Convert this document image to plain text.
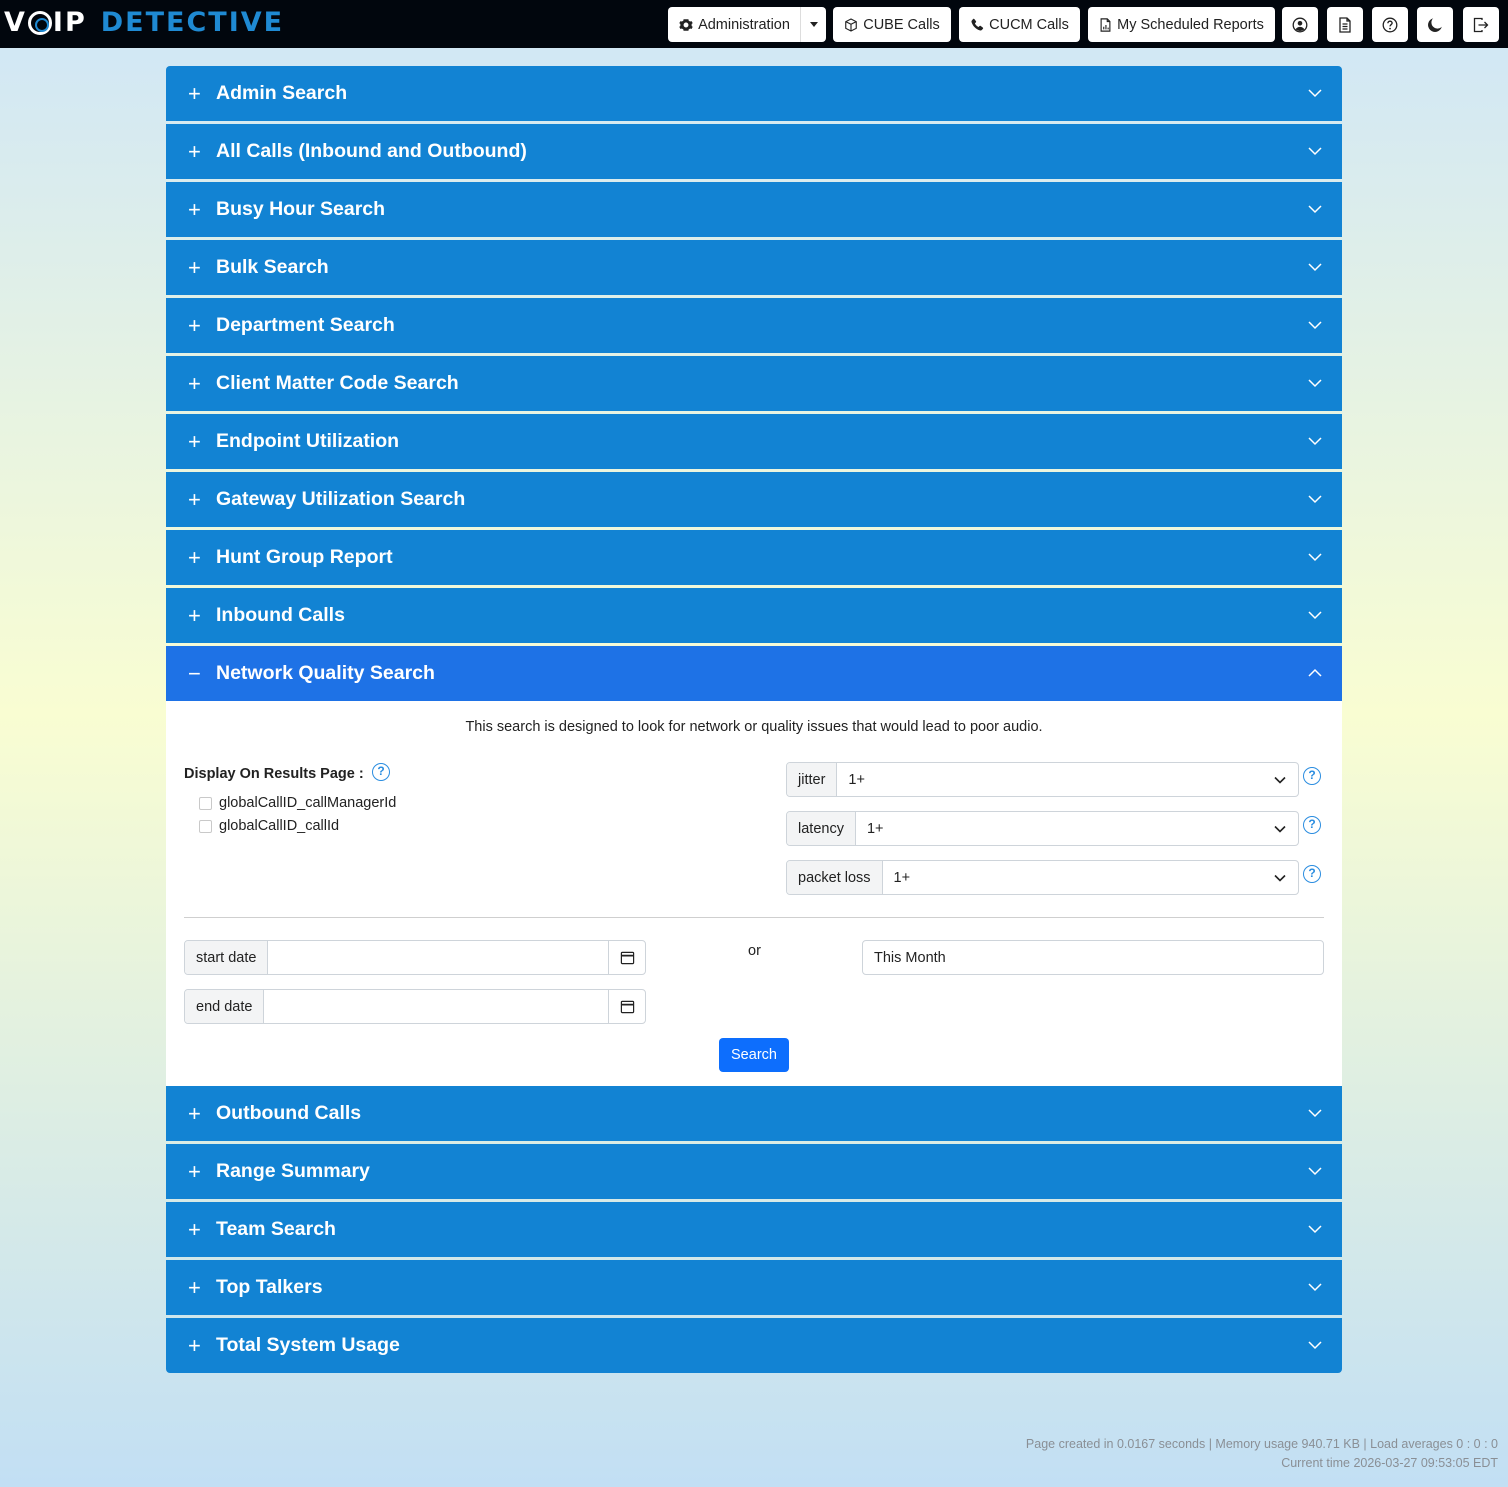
V IP DETECTIVE	Administration	CUBE Calls	CUCM Calls	My Scheduled Reports
+ Admin Search
+ All Calls (Inbound and Outbound)
+ Busy Hour Search
+ Bulk Search
+ Department Search
+ Client Matter Code Search
+ Endpoint Utilization
+ Gateway Utilization Search
+ Hunt Group Report
+ Inbound Calls
− Network Quality Search
This search is designed to look for network or quality issues that would lead to poor audio.
Display On Results Page :	?
globalCallID_callManagerId
globalCallID_callId
jitter	1+	?
latency	1+	?
packet loss	1+	?
start date
end date
or	This Month
Search
+ Outbound Calls
+ Range Summary
+ Team Search
+ Top Talkers
+ Total System Usage
Page created in 0.0167 seconds | Memory usage 940.71 KB | Load averages 0 : 0 : 0
Current time 2026-03-27 09:53:05 EDT
